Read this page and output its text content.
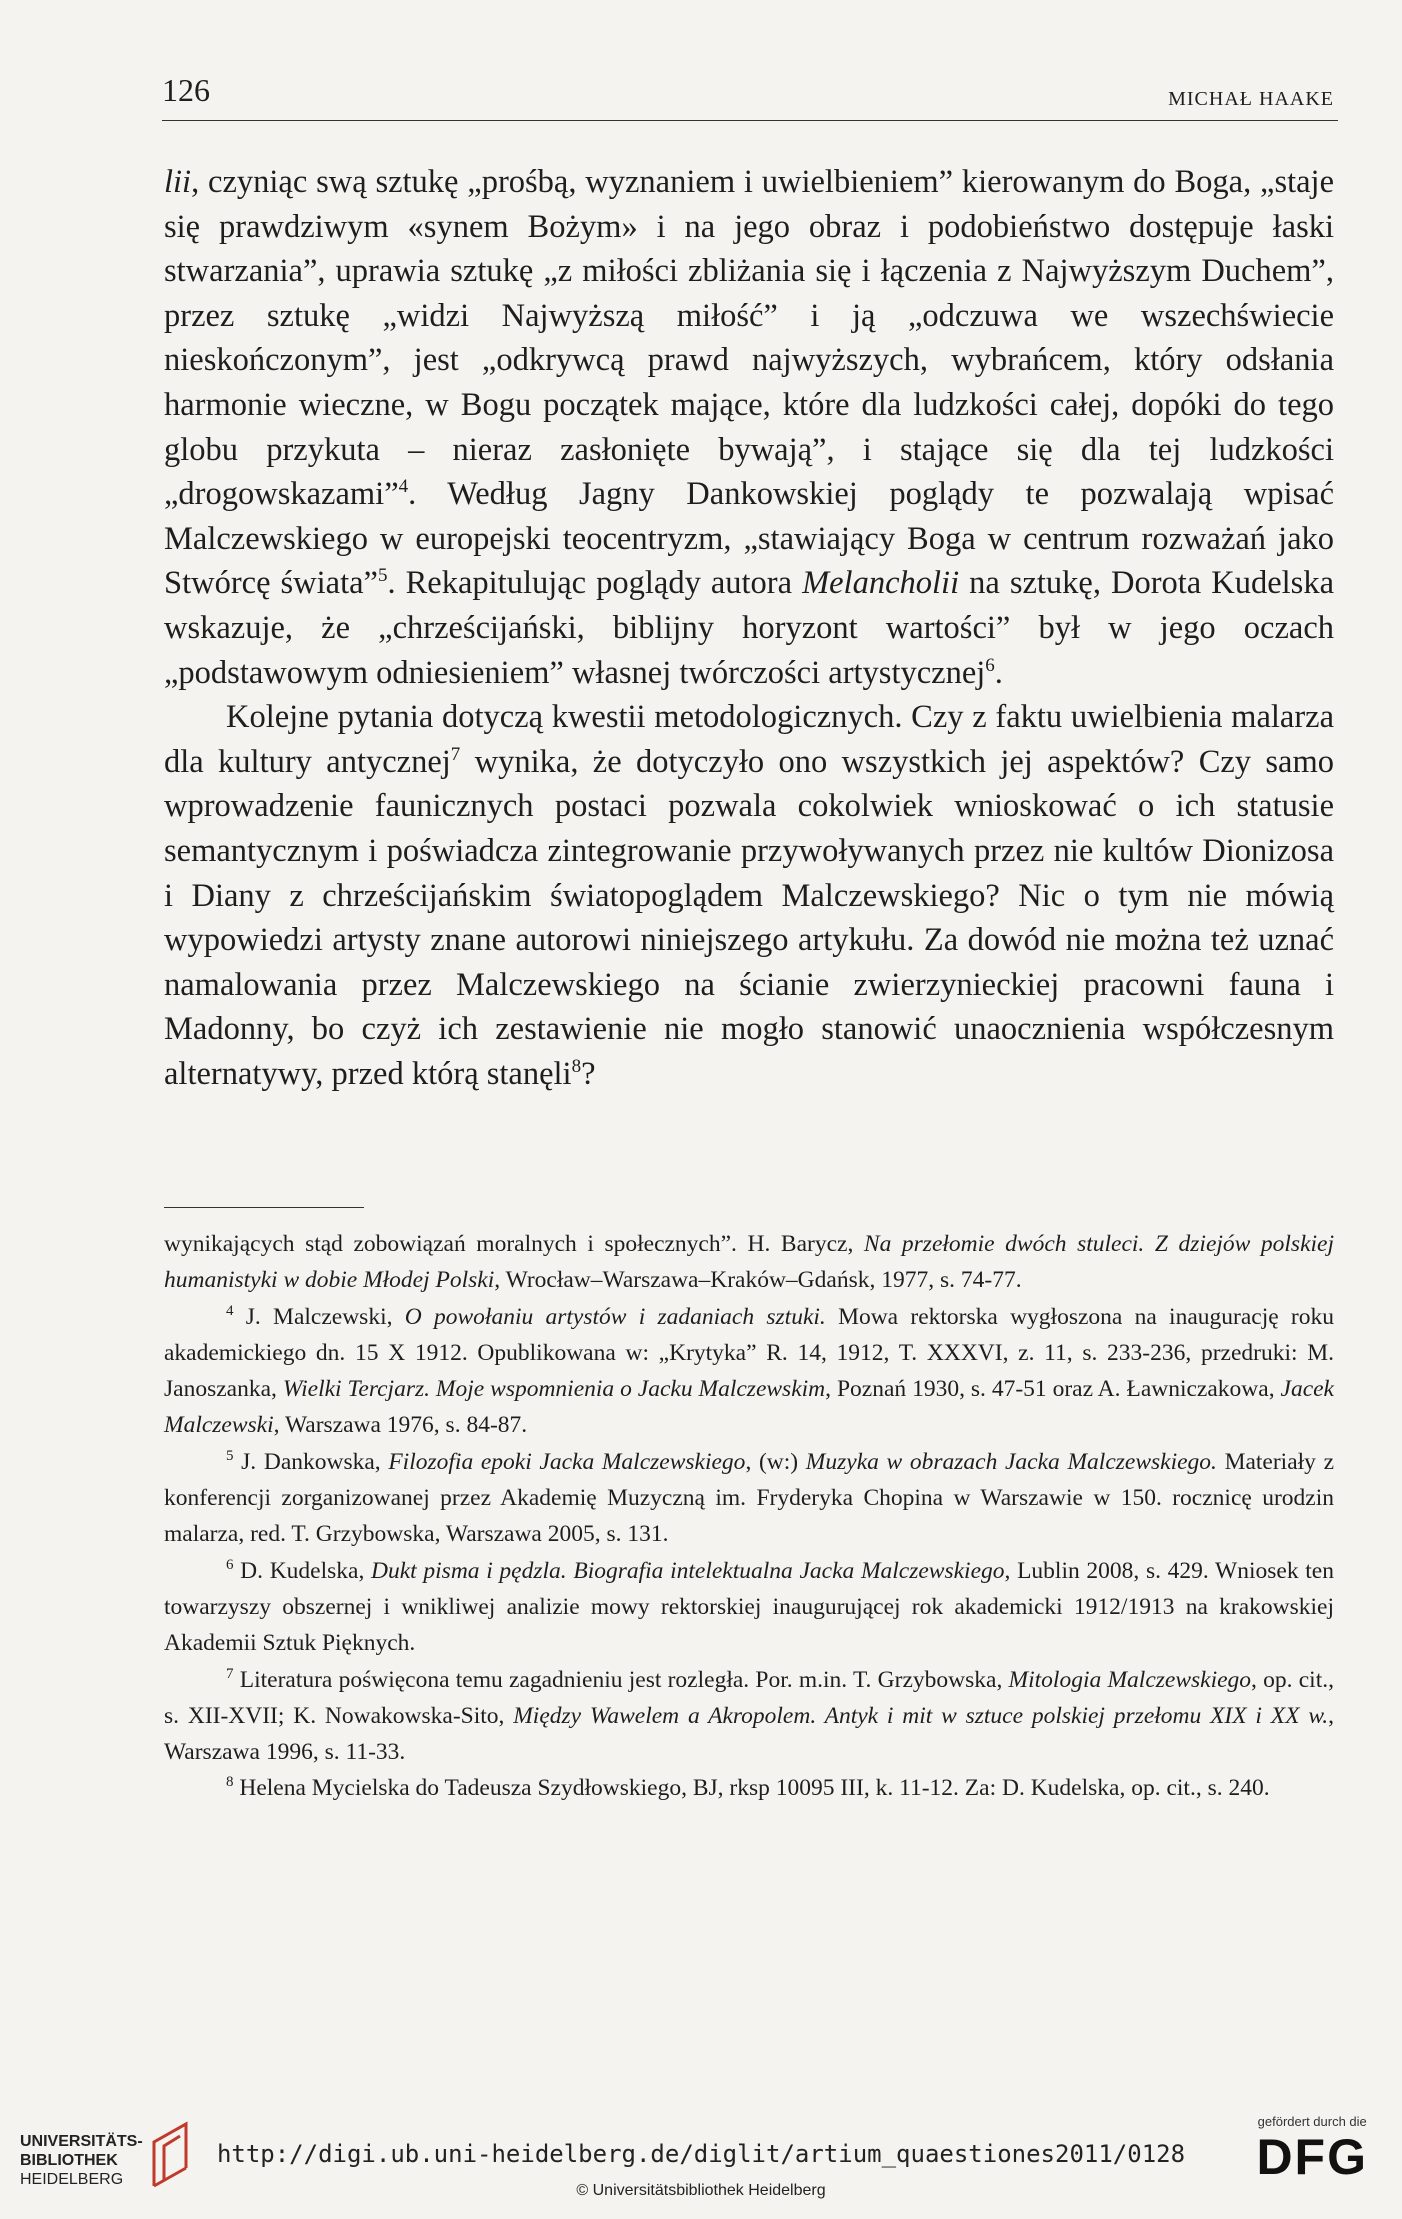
126	MICHAŁ HAAKE

lii, czyniąc swą sztukę „prośbą, wyznaniem i uwielbieniem” kierowanym do Boga, „staje się prawdziwym «synem Bożym» i na jego obraz i podobieństwo dostępuje łaski stwarzania”, uprawia sztukę „z miłości zbliżania się i łączenia z Najwyższym Duchem”, przez sztukę „widzi Najwyższą miłość” i ją „odczuwa we wszechświecie nieskończonym”, jest „odkrywcą prawd najwyższych, wybrańcem, który odsłania harmonie wieczne, w Bogu początek mające, które dla ludzkości całej, dopóki do tego globu przykuta – nieraz zasłonięte bywają”, i stające się dla tej ludzkości „drogowskazami”$^4$. Według Jagny Dankowskiej poglądy te pozwalają wpisać Malczewskiego w europejski teocentryzm, „stawiający Boga w centrum rozważań jako Stwórcę świata”$^5$. Rekapitulując poglądy autora Melancholii na sztukę, Dorota Kudelska wskazuje, że „chrześcijański, biblijny horyzont wartości” był w jego oczach „podstawowym odniesieniem” własnej twórczości artystycznej$^6$.

Kolejne pytania dotyczą kwestii metodologicznych. Czy z faktu uwielbienia malarza dla kultury antycznej$^7$ wynika, że dotyczyło ono wszystkich jej aspektów? Czy samo wprowadzenie faunicznych postaci pozwala cokolwiek wnioskować o ich statusie semantycznym i poświadcza zintegrowanie przywoływanych przez nie kultów Dionizosa i Diany z chrześcijańskim światopoglądem Malczewskiego? Nic o tym nie mówią wypowiedzi artysty znane autorowi niniejszego artykułu. Za dowód nie można też uznać namalowania przez Malczewskiego na ścianie zwierzynieckiej pracowni fauna i Madonny, bo czyż ich zestawienie nie mogło stanowić unaocznienia współczesnym alternatywy, przed którą stanęli$^8$?

wynikających stąd zobowiązań moralnych i społecznych”. H. Barycz, Na przełomie dwóch stuleci. Z dziejów polskiej humanistyki w dobie Młodej Polski, Wrocław–Warszawa–Kraków–Gdańsk, 1977, s. 74-77.

$^4$ J. Malczewski, O powołaniu artystów i zadaniach sztuki. Mowa rektorska wygłoszona na inaugurację roku akademickiego dn. 15 X 1912. Opublikowana w: „Krytyka” R. 14, 1912, T. XXXVI, z. 11, s. 233-236, przedruki: M. Janoszanka, Wielki Tercjarz. Moje wspomnienia o Jacku Malczewskim, Poznań 1930, s. 47-51 oraz A. Ławniczakowa, Jacek Malczewski, Warszawa 1976, s. 84-87.

$^5$ J. Dankowska, Filozofia epoki Jacka Malczewskiego, (w:) Muzyka w obrazach Jacka Malczewskiego. Materiały z konferencji zorganizowanej przez Akademię Muzyczną im. Fryderyka Chopina w Warszawie w 150. rocznicę urodzin malarza, red. T. Grzybowska, Warszawa 2005, s. 131.

$^6$ D. Kudelska, Dukt pisma i pędzla. Biografia intelektualna Jacka Malczewskiego, Lublin 2008, s. 429. Wniosek ten towarzyszy obszernej i wnikliwej analizie mowy rektorskiej inaugurującej rok akademicki 1912/1913 na krakowskiej Akademii Sztuk Pięknych.

$^7$ Literatura poświęcona temu zagadnieniu jest rozległa. Por. m.in. T. Grzybowska, Mitologia Malczewskiego, op. cit., s. XII-XVII; K. Nowakowska-Sito, Między Wawelem a Akropolem. Antyk i mit w sztuce polskiej przełomu XIX i XX w., Warszawa 1996, s. 11-33.

$^8$ Helena Mycielska do Tadeusza Szydłowskiego, BJ, rksp 10095 III, k. 11-12. Za: D. Kudelska, op. cit., s. 240.

UNIVERSITÄTS-
BIBLIOTHEK
HEIDELBERG
http://digi.ub.uni-heidelberg.de/diglit/artium_quaestiones2011/0128
© Universitätsbibliothek Heidelberg
gefördert durch die
DFG
